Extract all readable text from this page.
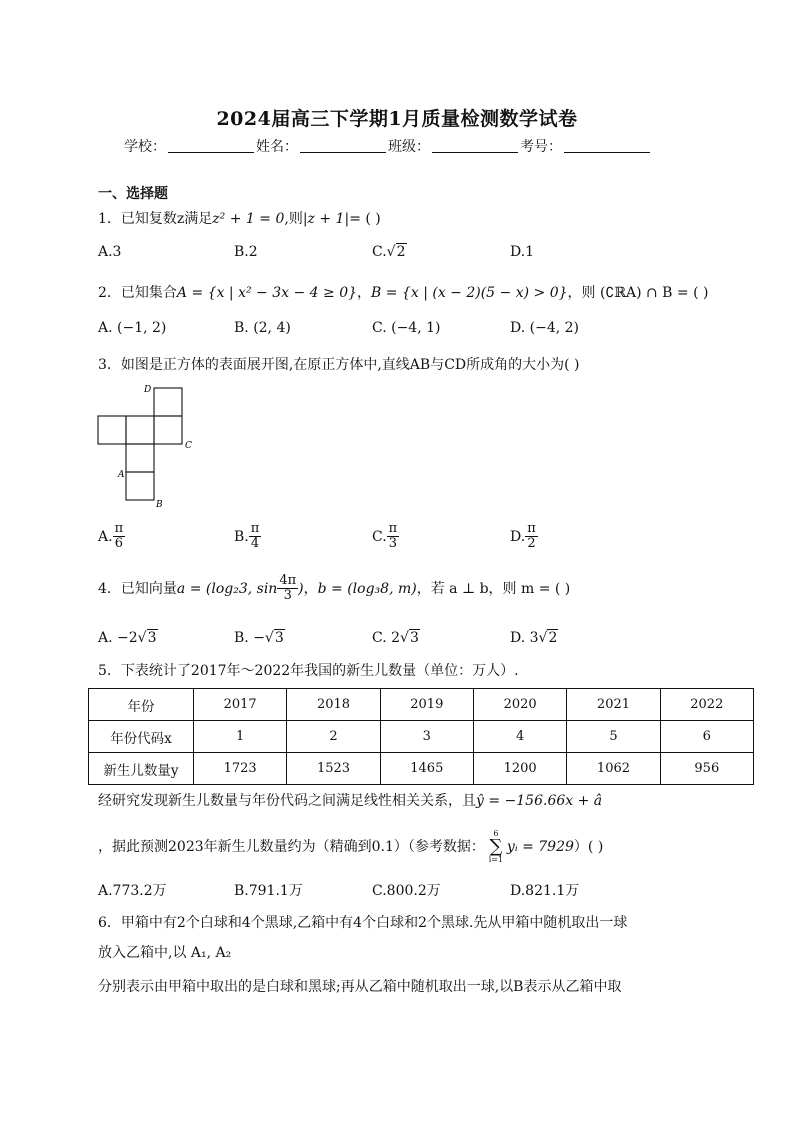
2024届高三下学期1月质量检测数学试卷
学校：	姓名：	班级：	考号：
一、选择题
1．已知复数z满足z² + 1 = 0,则|z + 1|= ( )
A.3	B.2	C.√2	D.1
2．已知集合A = {x | x² − 3x − 4 ≥ 0}，B = {x | (x − 2)(5 − x) > 0}，则 (∁ℝA) ∩ B = ( )
A. (−1, 2)	B. (2, 4)	C. (−4, 1)	D. (−4, 2)
3．如图是正方体的表面展开图,在原正方体中,直线AB与CD所成角的大小为( )
D
C
A
B
A. $\frac{\pi}{6}$	B. $\frac{\pi}{4}$	C. $\frac{\pi}{3}$	D. $\frac{\pi}{2}$
4．已知向量a = (log₂3, $\sin \frac{4\pi}{3}$ )，b = (log₃8, m)，若 a ⊥ b，则 m = ( )
A. −2√3	B. −√3	C. 2√3	D. 3√2
5．下表统计了2017年～2022年我国的新生儿数量（单位：万人）.
年份	2017	2018	2019	2020	2021	2022
年份代码x	1	2	3	4	5	6
新生儿数量y	1723	1523	1465	1200	1062	956
经研究发现新生儿数量与年份代码之间满足线性相关关系，且ŷ = −156.66x + â
，据此预测2023年新生儿数量约为（精确到0.1）（参考数据：
6
∑
i=1
yᵢ = 7929）( )
A.773.2万	B.791.1万	C.800.2万	D.821.1万
6．甲箱中有2个白球和4个黑球,乙箱中有4个白球和2个黑球.先从甲箱中随机取出一球
放入乙箱中,以 A₁, A₂
分别表示由甲箱中取出的是白球和黑球;再从乙箱中随机取出一球,以B表示从乙箱中取
